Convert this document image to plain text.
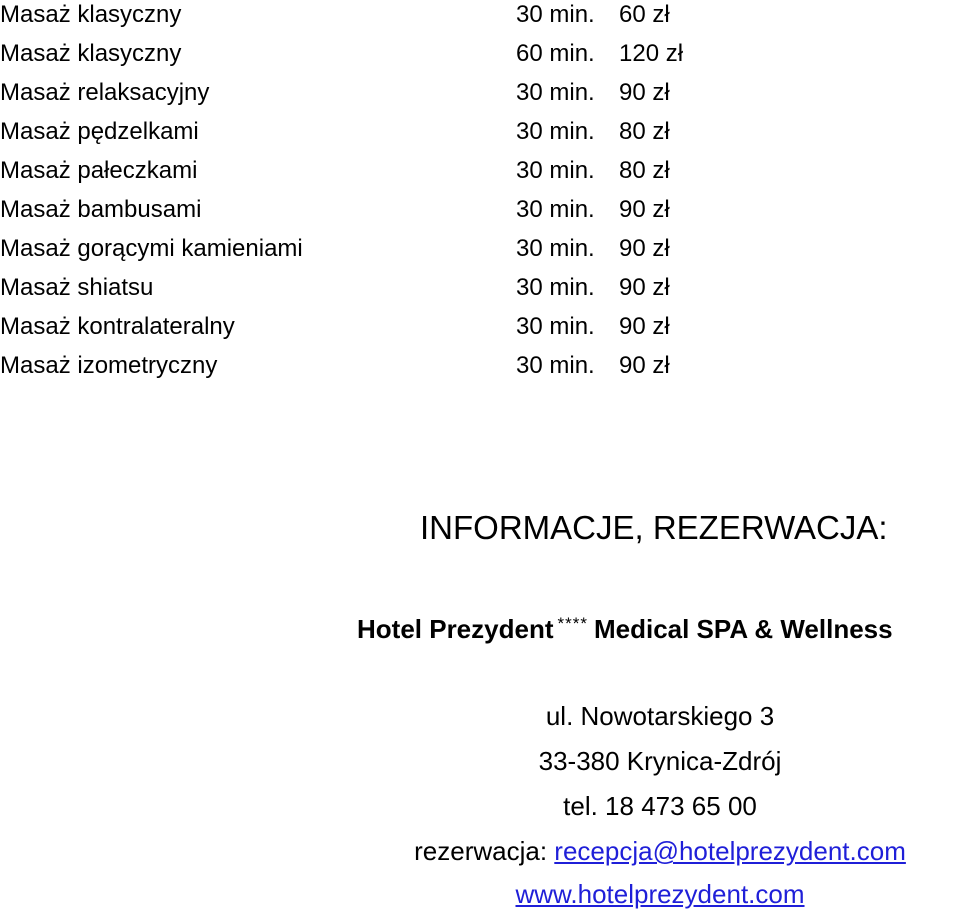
Masaż klasyczny	30 min. 60 zł
Masaż klasyczny	60 min. 120 zł
Masaż relaksacyjny	30 min. 90 zł
Masaż pędzelkami	30 min. 80 zł
Masaż pałeczkami	30 min. 80 zł
Masaż bambusami	30 min. 90 zł
Masaż gorącymi kamieniami	30 min. 90 zł
Masaż shiatsu	30 min. 90 zł
Masaż kontralateralny	30 min. 90 zł
Masaż izometryczny	30 min. 90 zł
INFORMACJE, REZERWACJA:
Hotel Prezydent **** Medical SPA & Wellness
ul. Nowotarskiego 3
33-380 Krynica-Zdrój
tel. 18 473 65 00
rezerwacja: recepcja@hotelprezydent.com
www.hotelprezydent.com
